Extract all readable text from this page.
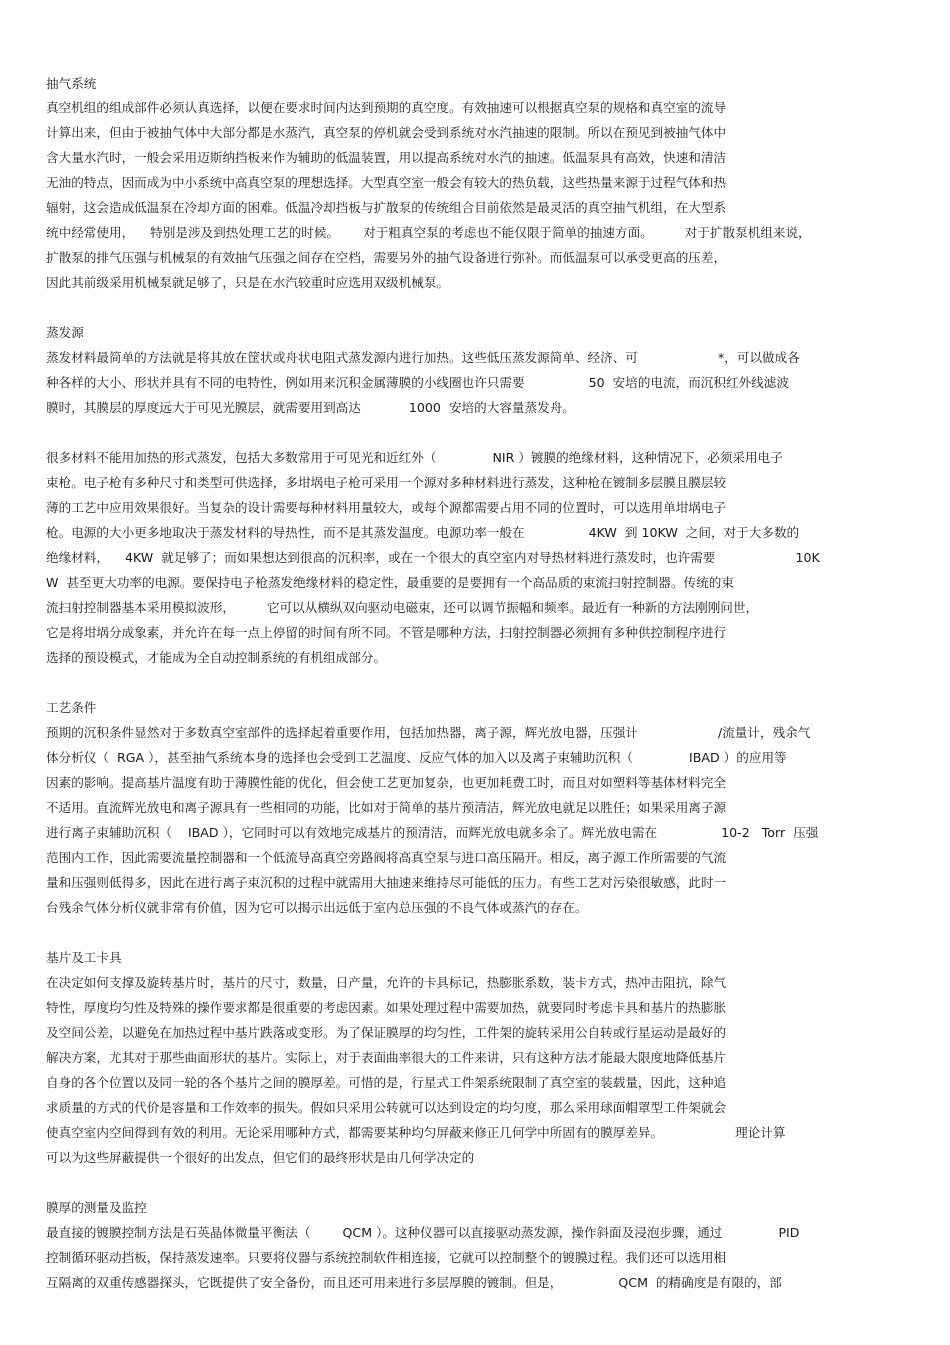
抽气系统
真空机组的组成部件必须认真选择，以便在要求时间内达到预期的真空度。有效抽速可以根据真空泵的规格和真空室的流导
计算出来，但由于被抽气体中大部分都是水蒸汽，真空泵的停机就会受到系统对水汽抽速的限制。所以在预见到被抽气体中
含大量水汽时，一般会采用迈斯纳挡板来作为辅助的低温装置，用以提高系统对水汽的抽速。低温泵具有高效，快速和清洁
无油的特点，因而成为中小系统中高真空泵的理想选择。大型真空室一般会有较大的热负载，这些热量来源于过程气体和热
辐射，这会造成低温泵在冷却方面的困难。低温冷却挡板与扩散泵的传统组合目前依然是最灵活的真空抽气机组，在大型系
统中经常使用，    特别是涉及到热处理工艺的时候。      对于粗真空泵的考虑也不能仅限于简单的抽速方面。        对于扩散泵机组来说，
扩散泵的排气压强与机械泵的有效抽气压强之间存在空档，需要另外的抽气设备进行弥补。而低温泵可以承受更高的压差，
因此其前级采用机械泵就足够了，只是在水汽较重时应选用双级机械泵。
蒸发源
蒸发材料最简单的方法就是将其放在筐状或舟状电阻式蒸发源内进行加热。这些低压蒸发源简单、经济、可                    *，可以做成各
种各样的大小、形状并具有不同的电特性，例如用来沉积金属薄膜的小线圈也许只需要                50  安培的电流，而沉积红外线滤波
膜时，其膜层的厚度远大于可见光膜层，就需要用到高达            1000  安培的大容量蒸发舟。
很多材料不能用加热的形式蒸发，包括大多数常用于可见光和近红外（              NIR ）镀膜的绝缘材料，这种情况下，必须采用电子
束枪。电子枪有多种尺寸和类型可供选择，多坩埚电子枪可采用一个源对多种材料进行蒸发，这种枪在镀制多层膜且膜层较
薄的工艺中应用效果很好。当复杂的设计需要每种材料用量较大，或每个源都需要占用不同的位置时，可以选用单坩埚电子
枪。电源的大小更多地取决于蒸发材料的导热性，而不是其蒸发温度。电源功率一般在                4KW  到 10KW  之间，对于大多数的
绝缘材料，    4KW  就足够了；而如果想达到很高的沉积率，或在一个很大的真空室内对导热材料进行蒸发时，也许需要                    10K
W  甚至更大功率的电源。要保持电子枪蒸发绝缘材料的稳定性，最重要的是要拥有一个高品质的束流扫射控制器。传统的束
流扫射控制器基本采用模拟波形，        它可以从横纵双向驱动电磁束，还可以调节振幅和频率。最近有一种新的方法刚刚问世，
它是将坩埚分成象素，并允许在每一点上停留的时间有所不同。不管是哪种方法，扫射控制器必须拥有多种供控制程序进行
选择的预设模式，才能成为全自动控制系统的有机组成部分。
工艺条件
预期的沉积条件显然对于多数真空室部件的选择起着重要作用，包括加热器，离子源，辉光放电器，压强计                    /流量计，残余气
体分析仪（  RGA ），甚至抽气系统本身的选择也会受到工艺温度、反应气体的加入以及离子束辅助沉积（              IBAD ）的应用等
因素的影响。提高基片温度有助于薄膜性能的优化，但会使工艺更加复杂，也更加耗费工时，而且对如塑料等基体材料完全
不适用。直流辉光放电和离子源具有一些相同的功能，比如对于简单的基片预清洁，辉光放电就足以胜任；如果采用离子源
进行离子束辅助沉积（    IBAD ），它同时可以有效地完成基片的预清洁，而辉光放电就多余了。辉光放电需在                10-2   Torr  压强
范围内工作，因此需要流量控制器和一个低流导高真空旁路阀将高真空泵与进口高压隔开。相反，离子源工作所需要的气流
量和压强则低得多，因此在进行离子束沉积的过程中就需用大抽速来维持尽可能低的压力。有些工艺对污染很敏感，此时一
台残余气体分析仪就非常有价值，因为它可以揭示出远低于室内总压强的不良气体或蒸汽的存在。
基片及工卡具
在决定如何支撑及旋转基片时，基片的尺寸，数量，日产量，允许的卡具标记，热膨胀系数，装卡方式，热冲击阻抗，除气
特性，厚度均匀性及特殊的操作要求都是很重要的考虑因素。如果处理过程中需要加热，就要同时考虑卡具和基片的热膨胀
及空间公差，以避免在加热过程中基片跌落或变形。为了保证膜厚的均匀性，工件架的旋转采用公自转或行星运动是最好的
解决方案，尤其对于那些曲面形状的基片。实际上，对于表面曲率很大的工件来讲，只有这种方法才能最大限度地降低基片
自身的各个位置以及同一轮的各个基片之间的膜厚差。可惜的是，行星式工件架系统限制了真空室的装载量，因此，这种追
求质量的方式的代价是容量和工作效率的损失。假如只采用公转就可以达到设定的均匀度，那么采用球面帽罩型工件架就会
使真空室内空间得到有效的利用。无论采用哪种方式，都需要某种均匀屏蔽来修正几何学中所固有的膜厚差异。                  理论计算
可以为这些屏蔽提供一个很好的出发点，但它们的最终形状是由几何学决定的
膜厚的测量及监控
最直接的镀膜控制方法是石英晶体微量平衡法（        QCM ）。这种仪器可以直接驱动蒸发源，操作斜面及浸泡步骤，通过              PID
控制循环驱动挡板，保持蒸发速率。只要将仪器与系统控制软件相连接，它就可以控制整个的镀膜过程。我们还可以选用相
互隔离的双重传感器探头，它既提供了安全备份，而且还可用来进行多层厚膜的镀制。但是，              QCM  的精确度是有限的，部
